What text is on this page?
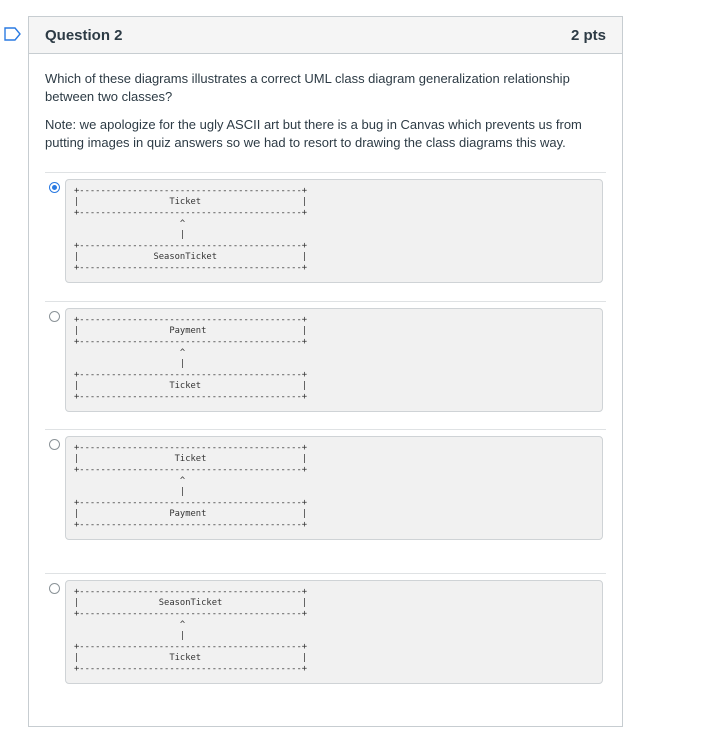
Question 2	2 pts

Which of these diagrams illustrates a correct UML class diagram generalization relationship between two classes?

Note: we apologize for the ugly ASCII art but there is a bug in Canvas which prevents us from putting images in quiz answers so we had to resort to drawing the class diagrams this way.

+------------------------------------------+
|                 Ticket                   |
+------------------------------------------+
^
|
+------------------------------------------+
|              SeasonTicket                |
+------------------------------------------+
+------------------------------------------+
|                 Payment                  |
+------------------------------------------+
^
|
+------------------------------------------+
|                 Ticket                   |
+------------------------------------------+
+------------------------------------------+
|                  Ticket                  |
+------------------------------------------+
^
|
+------------------------------------------+
|                 Payment                  |
+------------------------------------------+
+------------------------------------------+
|               SeasonTicket               |
+------------------------------------------+
^
|
+------------------------------------------+
|                 Ticket                   |
+------------------------------------------+
